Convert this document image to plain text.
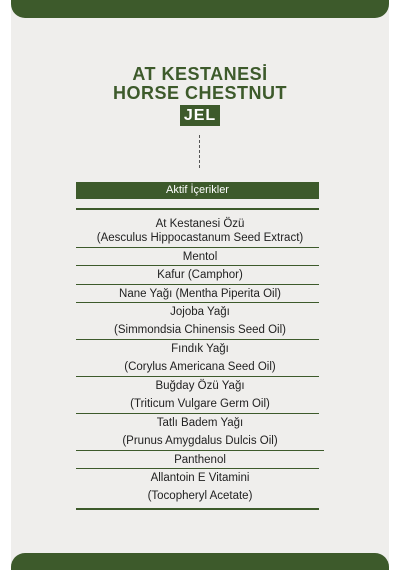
AT KESTANESİ
HORSE CHESTNUT
JEL
Aktif İçerikler
At Kestanesi Özü
(Aesculus Hippocastanum Seed Extract)
Mentol
Kafur (Camphor)
Nane Yağı (Mentha Piperita Oil)
Jojoba Yağı
(Simmondsia Chinensis Seed Oil)
Fındık Yağı
(Corylus Americana Seed Oil)
Buğday Özü Yağı
(Triticum Vulgare Germ Oil)
Tatlı Badem Yağı
(Prunus Amygdalus Dulcis Oil)
Panthenol
Allantoin E Vitamini
(Tocopheryl Acetate)
